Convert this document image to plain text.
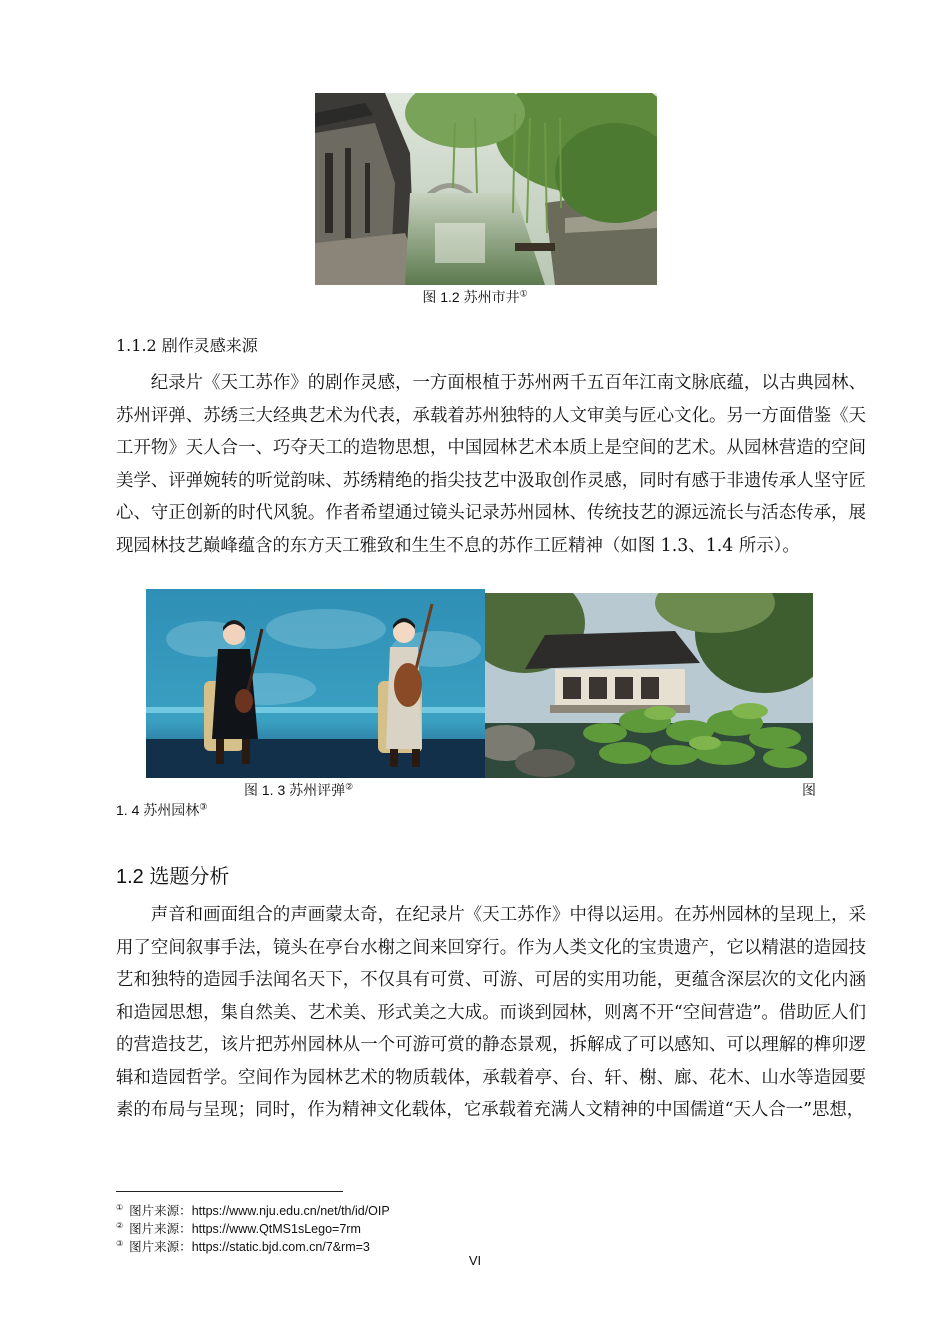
图 1.2 苏州市井①
1.1.2 剧作灵感来源

纪录片《天工苏作》的剧作灵感，一方面根植于苏州两千五百年江南文脉底蕴，以古典园林、苏州评弹、苏绣三大经典艺术为代表，承载着苏州独特的人文审美与匠心文化。另一方面借鉴《天工开物》天人合一、巧夺天工的造物思想，中国园林艺术本质上是空间的艺术。从园林营造的空间美学、评弹婉转的听觉韵味、苏绣精绝的指尖技艺中汲取创作灵感，同时有感于非遗传承人坚守匠心、守正创新的时代风貌。作者希望通过镜头记录苏州园林、传统技艺的源远流长与活态传承，展现园林技艺巅峰蕴含的东方天工雅致和生生不息的苏作工匠精神（如图 1.3、1.4 所示）。

图 1. 3 苏州评弹②	图
1. 4 苏州园林③
1.2 选题分析

声音和画面组合的声画蒙太奇，在纪录片《天工苏作》中得以运用。在苏州园林的呈现上，采用了空间叙事手法，镜头在亭台水榭之间来回穿行。作为人类文化的宝贵遗产，它以精湛的造园技艺和独特的造园手法闻名天下，不仅具有可赏、可游、可居的实用功能，更蕴含深层次的文化内涵和造园思想，集自然美、艺术美、形式美之大成。而谈到园林，则离不开“空间营造”。借助匠人们的营造技艺，该片把苏州园林从一个可游可赏的静态景观，拆解成了可以感知、可以理解的榫卯逻辑和造园哲学。空间作为园林艺术的物质载体，承载着亭、台、轩、榭、廊、花木、山水等造园要素的布局与呈现；同时，作为精神文化载体，它承载着充满人文精神的中国儒道“天人合一”思想，

① 图片来源：https://www.nju.edu.cn/net/th/id/OIP
② 图片来源：https://www.QtMS1sLego=7rm
③ 图片来源：https://static.bjd.com.cn/7&rm=3
VI
